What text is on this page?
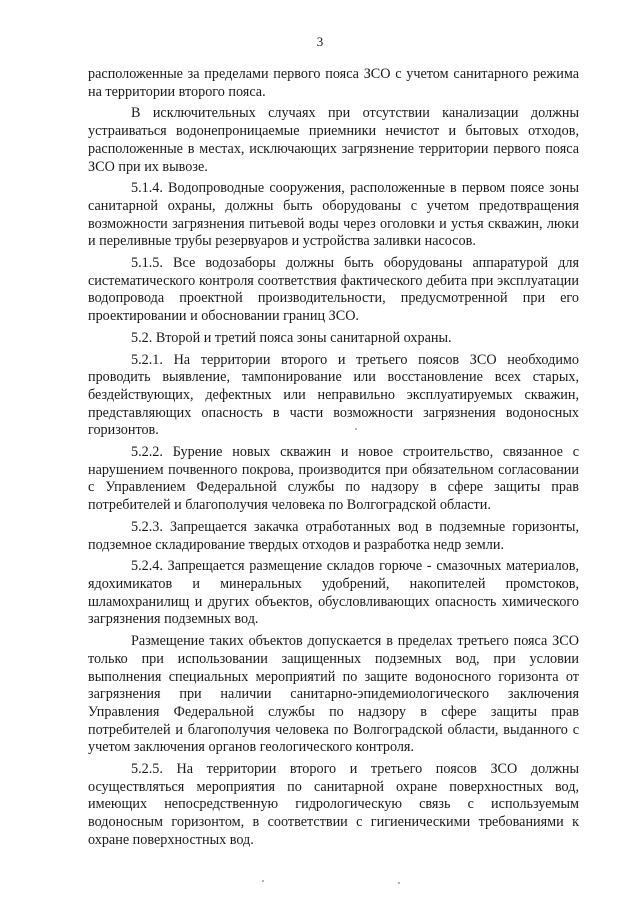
3

расположенные за пределами первого пояса ЗСО с учетом санитарного режима на территории второго пояса.

В исключительных случаях при отсутствии канализации должны устраиваться водонепроницаемые приемники нечистот и бытовых отходов, расположенные в местах, исключающих загрязнение территории первого пояса ЗСО при их вывозе.

5.1.4. Водопроводные сооружения, расположенные в первом поясе зоны санитарной охраны, должны быть оборудованы с учетом предотвращения возможности загрязнения питьевой воды через оголовки и устья скважин, люки и переливные трубы резервуаров и устройства заливки насосов.

5.1.5. Все водозаборы должны быть оборудованы аппаратурой для систематического контроля соответствия фактического дебита при эксплуатации водопровода проектной производительности, предусмотренной при его проектировании и обосновании границ ЗСО.

5.2. Второй и третий пояса зоны санитарной охраны.

5.2.1. На территории второго и третьего поясов ЗСО необходимо проводить выявление, тампонирование или восстановление всех старых, бездействующих, дефектных или неправильно эксплуатируемых скважин, представляющих опасность в части возможности загрязнения водоносных горизонтов.

5.2.2. Бурение новых скважин и новое строительство, связанное с нарушением почвенного покрова, производится при обязательном согласовании с Управлением Федеральной службы по надзору в сфере защиты прав потребителей и благополучия человека по Волгоградской области.

5.2.3. Запрещается закачка отработанных вод в подземные горизонты, подземное складирование твердых отходов и разработка недр земли.

5.2.4. Запрещается размещение складов горюче - смазочных материалов, ядохимикатов и минеральных удобрений, накопителей промстоков, шламохранилищ и других объектов, обусловливающих опасность химического загрязнения подземных вод.

Размещение таких объектов допускается в пределах третьего пояса ЗСО только при использовании защищенных подземных вод, при условии выполнения специальных мероприятий по защите водоносного горизонта от загрязнения при наличии санитарно-эпидемиологического заключения Управления Федеральной службы по надзору в сфере защиты прав потребителей и благополучия человека по Волгоградской области, выданного с учетом заключения органов геологического контроля.

5.2.5. На территории второго и третьего поясов ЗСО должны осуществляться мероприятия по санитарной охране поверхностных вод, имеющих непосредственную гидрологическую связь с используемым водоносным горизонтом, в соответствии с гигиеническими требованиями к охране поверхностных вод.
